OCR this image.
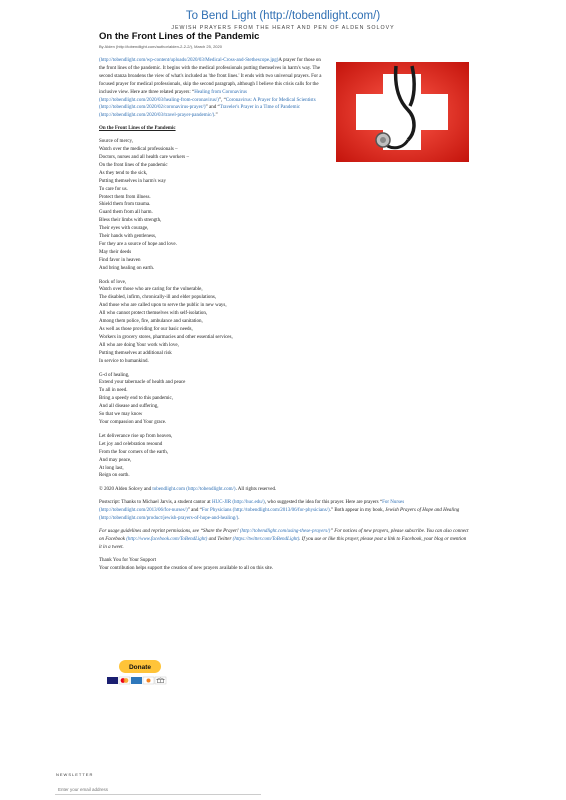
To Bend Light (http://tobendlight.com/)
JEWISH PRAYERS FROM THE HEART AND PEN OF ALDEN SOLOVY
On the Front Lines of the Pandemic
By Alden (http://tobendlight.com/author/alden-2-2-2/), March 25, 2020

(http://tobendlight.com/wp-content/uploads/2020/03/Medical-Cross-and-Stethescope.jpg)A prayer for those on the front lines of the pandemic. It begins with the medical professionals putting themselves in harm's way. The second stanza broadens the view of what's included as 'the front lines.' It ends with two universal prayers. For a focused prayer for medical professionals, skip the second paragraph, although I believe this crisis calls for the inclusive view. Here are three related prayers: “Healing from Coronavirus (http://tobendlight.com/2020/03/healing-from-coronavirus/)”, “Coronavirus: A Prayer for Medical Scientists (http://tobendlight.com/2020/02/coronavirus-prayer/)” and “Traveler's Prayer in a Time of Pandemic (http://tobendlight.com/2020/03/travel-prayer-pandemic/).”

On the Front Lines of the Pandemic

Source of mercy,
Watch over the medical professionals –
Doctors, nurses and all health care workers –
On the front lines of the pandemic
As they tend to the sick,
Putting themselves in harm's way
To care for us.
Protect them from illness.
Shield them from trauma.
Guard them from all harm.
Bless their limbs with strength,
Their eyes with courage,
Their hands with gentleness,
For they are a source of hope and love.
May their deeds
Find favor in heaven
And bring healing on earth.
Rock of love,
Watch over those who are caring for the vulnerable,
The disabled, infirm, chronically-ill and elder populations,
And those who are called upon to serve the public in new ways,
All who cannot protect themselves with self-isolation,
Among them police, fire, ambulance and sanitation,
As well as those providing for our basic needs,
Workers in grocery stores, pharmacies and other essential services,
All who are doing Your work with love,
Putting themselves at additional risk
In service to humankind.
G-d of healing,
Extend your tabernacle of health and peace
To all in need.
Bring a speedy end to this pandemic,
And all disease and suffering,
So that we may know
Your compassion and Your grace.
Let deliverance rise up from heaven,
Let joy and celebration resound
From the four corners of the earth,
And may peace,
At long last,
Reign on earth.

© 2020 Alden Solovy and tobendlight.com (http://tobendlight.com/). All rights reserved.

Postscript: Thanks to Michael Jarvis, a student cantor at HUC-JIR (http://huc.edu/), who suggested the idea for this prayer. Here are prayers “For Nurses (http://tobendlight.com/2013/06/for-nurses/)” and “For Physicians (http://tobendlight.com/2013/06/for-physicians/).” Both appear in my book, Jewish Prayers of Hope and Healing (http://tobendlight.com/product/jewish-prayers-of-hope-and-healing/).

For usage guidelines and reprint permissions, see “Share the Prayer! (http://tobendlight.com/using-these-prayers/)” For notices of new prayers, please subscribe. You can also connect on Facebook (http://www.facebook.com/ToBendLight) and Twitter (https://twitter.com/ToBendLight). If you use or like this prayer, please post a link to Facebook, your blog or mention it in a tweet.

Thank You for Your Support
Your contribution helps support the creation of new prayers available to all on this site.
Donate
NEWSLETTER
Enter your email address
